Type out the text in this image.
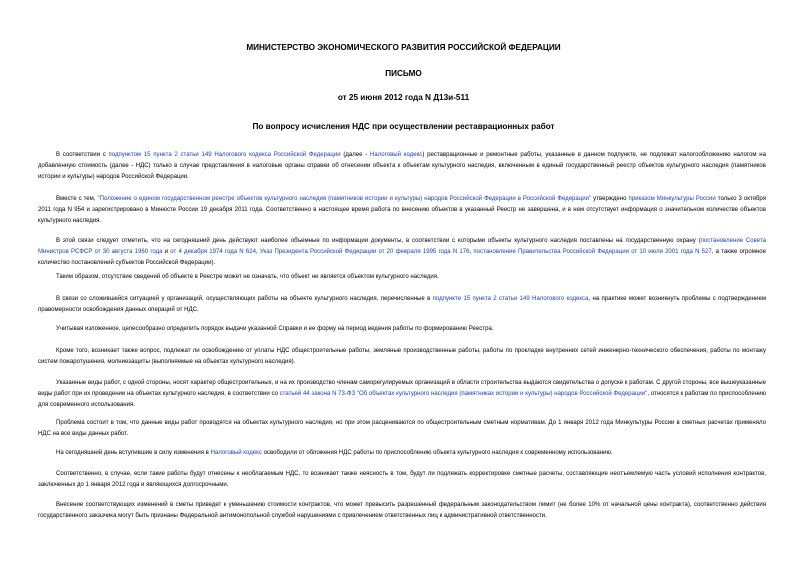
МИНИСТЕРСТВО ЭКОНОМИЧЕСКОГО РАЗВИТИЯ РОССИЙСКОЙ ФЕДЕРАЦИИ
ПИСЬМО
от 25 июня 2012 года N Д13и-511
По вопросу исчисления НДС при осуществлении реставрационных работ

В соответствии с подпунктом 15 пункта 2 статьи 149 Налогового кодекса Российской Федерации (далее - Налоговый кодекс) реставрационные и ремонтные работы, указанные в данном подпункте, не подлежат налогообложению налогом на добавленную стоимость (далее - НДС) только в случае представления в налоговые органы справки об отнесении объекта к объектам культурного наследия, включенным в единый государственный реестр объектов культурного наследия (памятников истории и культуры) народов Российской Федерации.

Вместе с тем, "Положение о едином государственном реестре объектов культурного наследия (памятников истории и культуры) народов Российской Федерации в Российской Федерации" утверждено приказом Минкультуры России только 3 октября 2011 года N 954 и зарегистрировано в Минюсте России 19 декабря 2011 года. Соответственно в настоящее время работа по внесению объектов в указанный Реестр не завершена, и в нем отсутствует информация о значительном количестве объектов культурного наследия.

В этой связи следует отметить, что на сегодняшний день действуют наиболее объемные по информации документы, в соответствии с которыми объекты культурного наследия поставлены на государственную охрану (постановление Совета Министров РСФСР от 30 августа 1960 года и от 4 декабря 1974 года N 624, Указ Президента Российской Федерации от 20 февраля 1995 года N 176, постановление Правительства Российской Федерации от 10 июля 2001 года N 527, а также огромное количество постановлений субъектов Российской Федерации).

Таким образом, отсутствие сведений об объекте в Реестре может не означать, что объект не является объектом культурного наследия.

В связи со сложившейся ситуацией у организаций, осуществляющих работы на объекте культурного наследия, перечисленные в подпункте 15 пункта 2 статьи 149 Налогового кодекса, на практике может возникнуть проблемы с подтверждением правомерности освобождения данных операций от НДС.

Учитывая изложенное, целесообразно определить порядок выдачи указанной Справки и ее форму на период ведения работы по формированию Реестра.

Кроме того, возникает также вопрос, подлежат ли освобождению от уплаты НДС общестроительные работы, земляные производственные работы, работы по прокладке внутренних сетей инженерно-технического обеспечения, работы по монтажу систем пожаротушения, молниезащиты (выполняемые на объектах культурного наследия).

Указанные виды работ, с одной стороны, носят характер общестроительных, и на их производство членам саморегулируемых организаций в области строительства выдаются свидетельства о допуске к работам. С другой стороны, все вышеуказанные виды работ при их проведении на объектах культурного наследия, в соответствии со статьей 44 закона N 73-ФЗ "Об объектах культурного наследия (памятниках истории и культуры) народов Российской Федерации", относятся к работам по приспособлению для современного использования.

Проблема состоит в том, что данные виды работ проводятся на объектах культурного наследия, но при этом расцениваются по общестроительным сметным нормативам. До 1 января 2012 года Минкультуры России в сметных расчетах применяло НДС на все виды данных работ.

На сегодняшний день вступившие в силу изменения в Налоговый кодекс освободили от обложения НДС работы по приспособлению объекта культурного наследия к современному использованию.

Соответственно, в случае, если такие работы будут отнесены к необлагаемым НДС, то возникает также неясность в том, будут ли подлежать корректировке сметные расчеты, составляющие неотъемлемую часть условий исполнения контрактов, заключенных до 1 января 2012 года и являющихся долгосрочными.

Внесение соответствующих изменений в сметы приведет к уменьшению стоимости контрактов, что может превысить разрешенный федеральным законодательством лимит (не более 10% от начальной цены контракта), соответственно действия государственного заказчика могут быть признаны Федеральной антимонопольной службой нарушениями с привлечением ответственных лиц к административной ответственности.
